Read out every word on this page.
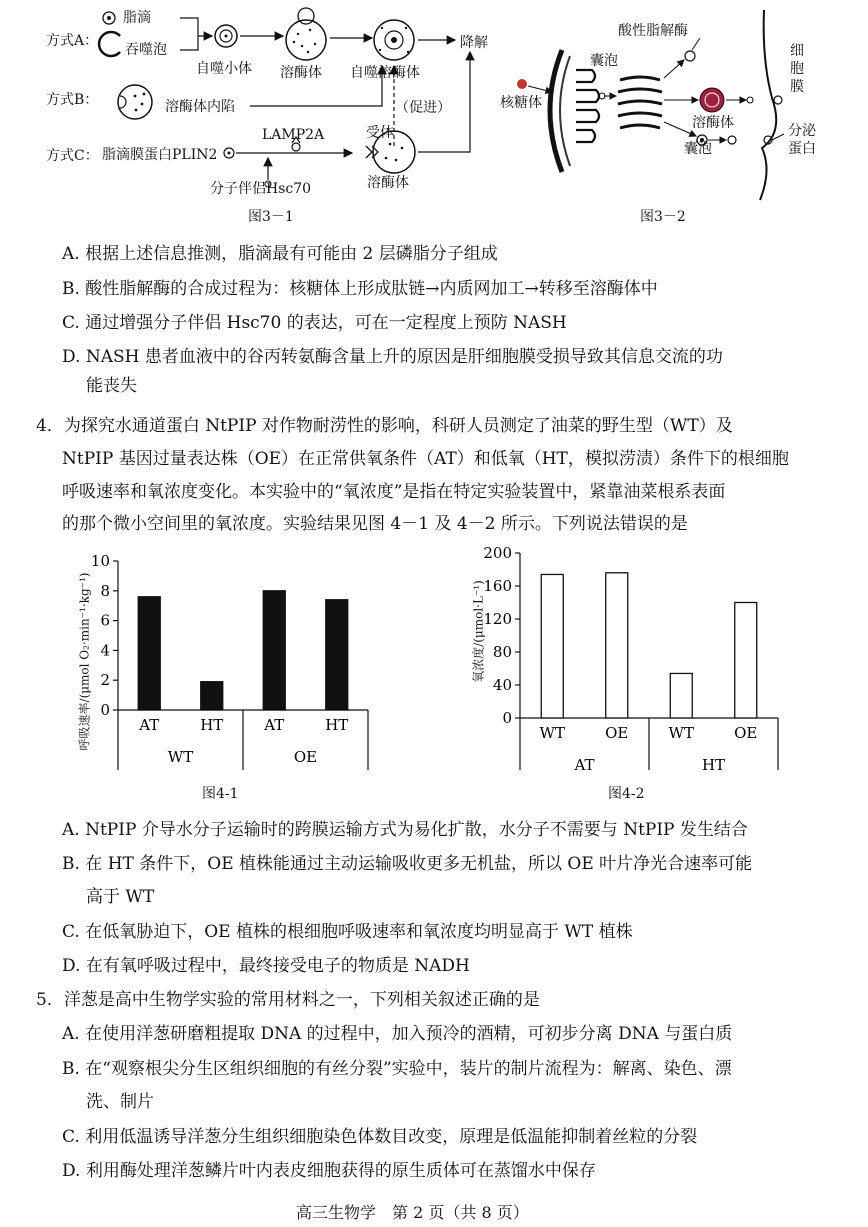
方式A：
脂滴
吞噬泡
自噬小体 溶酶体 自噬溶酶体
降解
方式B：	溶酶体内陷	（促进）
方式C： 脂滴膜蛋白PLIN2
LAMP2A	受体
溶酶体
分子伴侣Hsc70
图3－1
酸性脂解酶
囊泡
核糖体
溶酶体
囊泡
细
胞
膜
分泌
蛋白
图3－2
A. 根据上述信息推测，脂滴最有可能由 2 层磷脂分子组成
B. 酸性脂解酶的合成过程为：核糖体上形成肽链→内质网加工→转移至溶酶体中
C. 通过增强分子伴侣 Hsc70 的表达，可在一定程度上预防 NASH
D. NASH 患者血液中的谷丙转氨酶含量上升的原因是肝细胞膜受损导致其信息交流的功
能丧失
4．为探究水通道蛋白 NtPIP 对作物耐涝性的影响，科研人员测定了油菜的野生型（WT）及
NtPIP 基因过量表达株（OE）在正常供氧条件（AT）和低氧（HT，模拟涝渍）条件下的根细胞
呼吸速率和氧浓度变化。本实验中的“氧浓度”是指在特定实验装置中，紧靠油菜根系表面
的那个微小空间里的氧浓度。实验结果见图 4－1 及 4－2 所示。下列说法错误的是
0
2
4
6
8
10
AT	HT	AT	HT
WT	OE
呼吸速率/(μmol O₂·min⁻¹·kg⁻¹)
图4-1
0
40
80
120
160
200
WT	OE	WT	OE
AT	HT
氧浓度/(μmol·L⁻¹)
图4-2
A. NtPIP 介导水分子运输时的跨膜运输方式为易化扩散，水分子不需要与 NtPIP 发生结合
B. 在 HT 条件下，OE 植株能通过主动运输吸收更多无机盐，所以 OE 叶片净光合速率可能
高于 WT
C. 在低氧胁迫下，OE 植株的根细胞呼吸速率和氧浓度均明显高于 WT 植株
D. 在有氧呼吸过程中，最终接受电子的物质是 NADH
5．洋葱是高中生物学实验的常用材料之一，下列相关叙述正确的是
A. 在使用洋葱研磨粗提取 DNA 的过程中，加入预冷的酒精，可初步分离 DNA 与蛋白质
B. 在“观察根尖分生区组织细胞的有丝分裂”实验中，装片的制片流程为：解离、染色、漂
洗、制片
C. 利用低温诱导洋葱分生组织细胞染色体数目改变，原理是低温能抑制着丝粒的分裂
D. 利用酶处理洋葱鳞片叶内表皮细胞获得的原生质体可在蒸馏水中保存
高三生物学　第 2 页（共 8 页）
